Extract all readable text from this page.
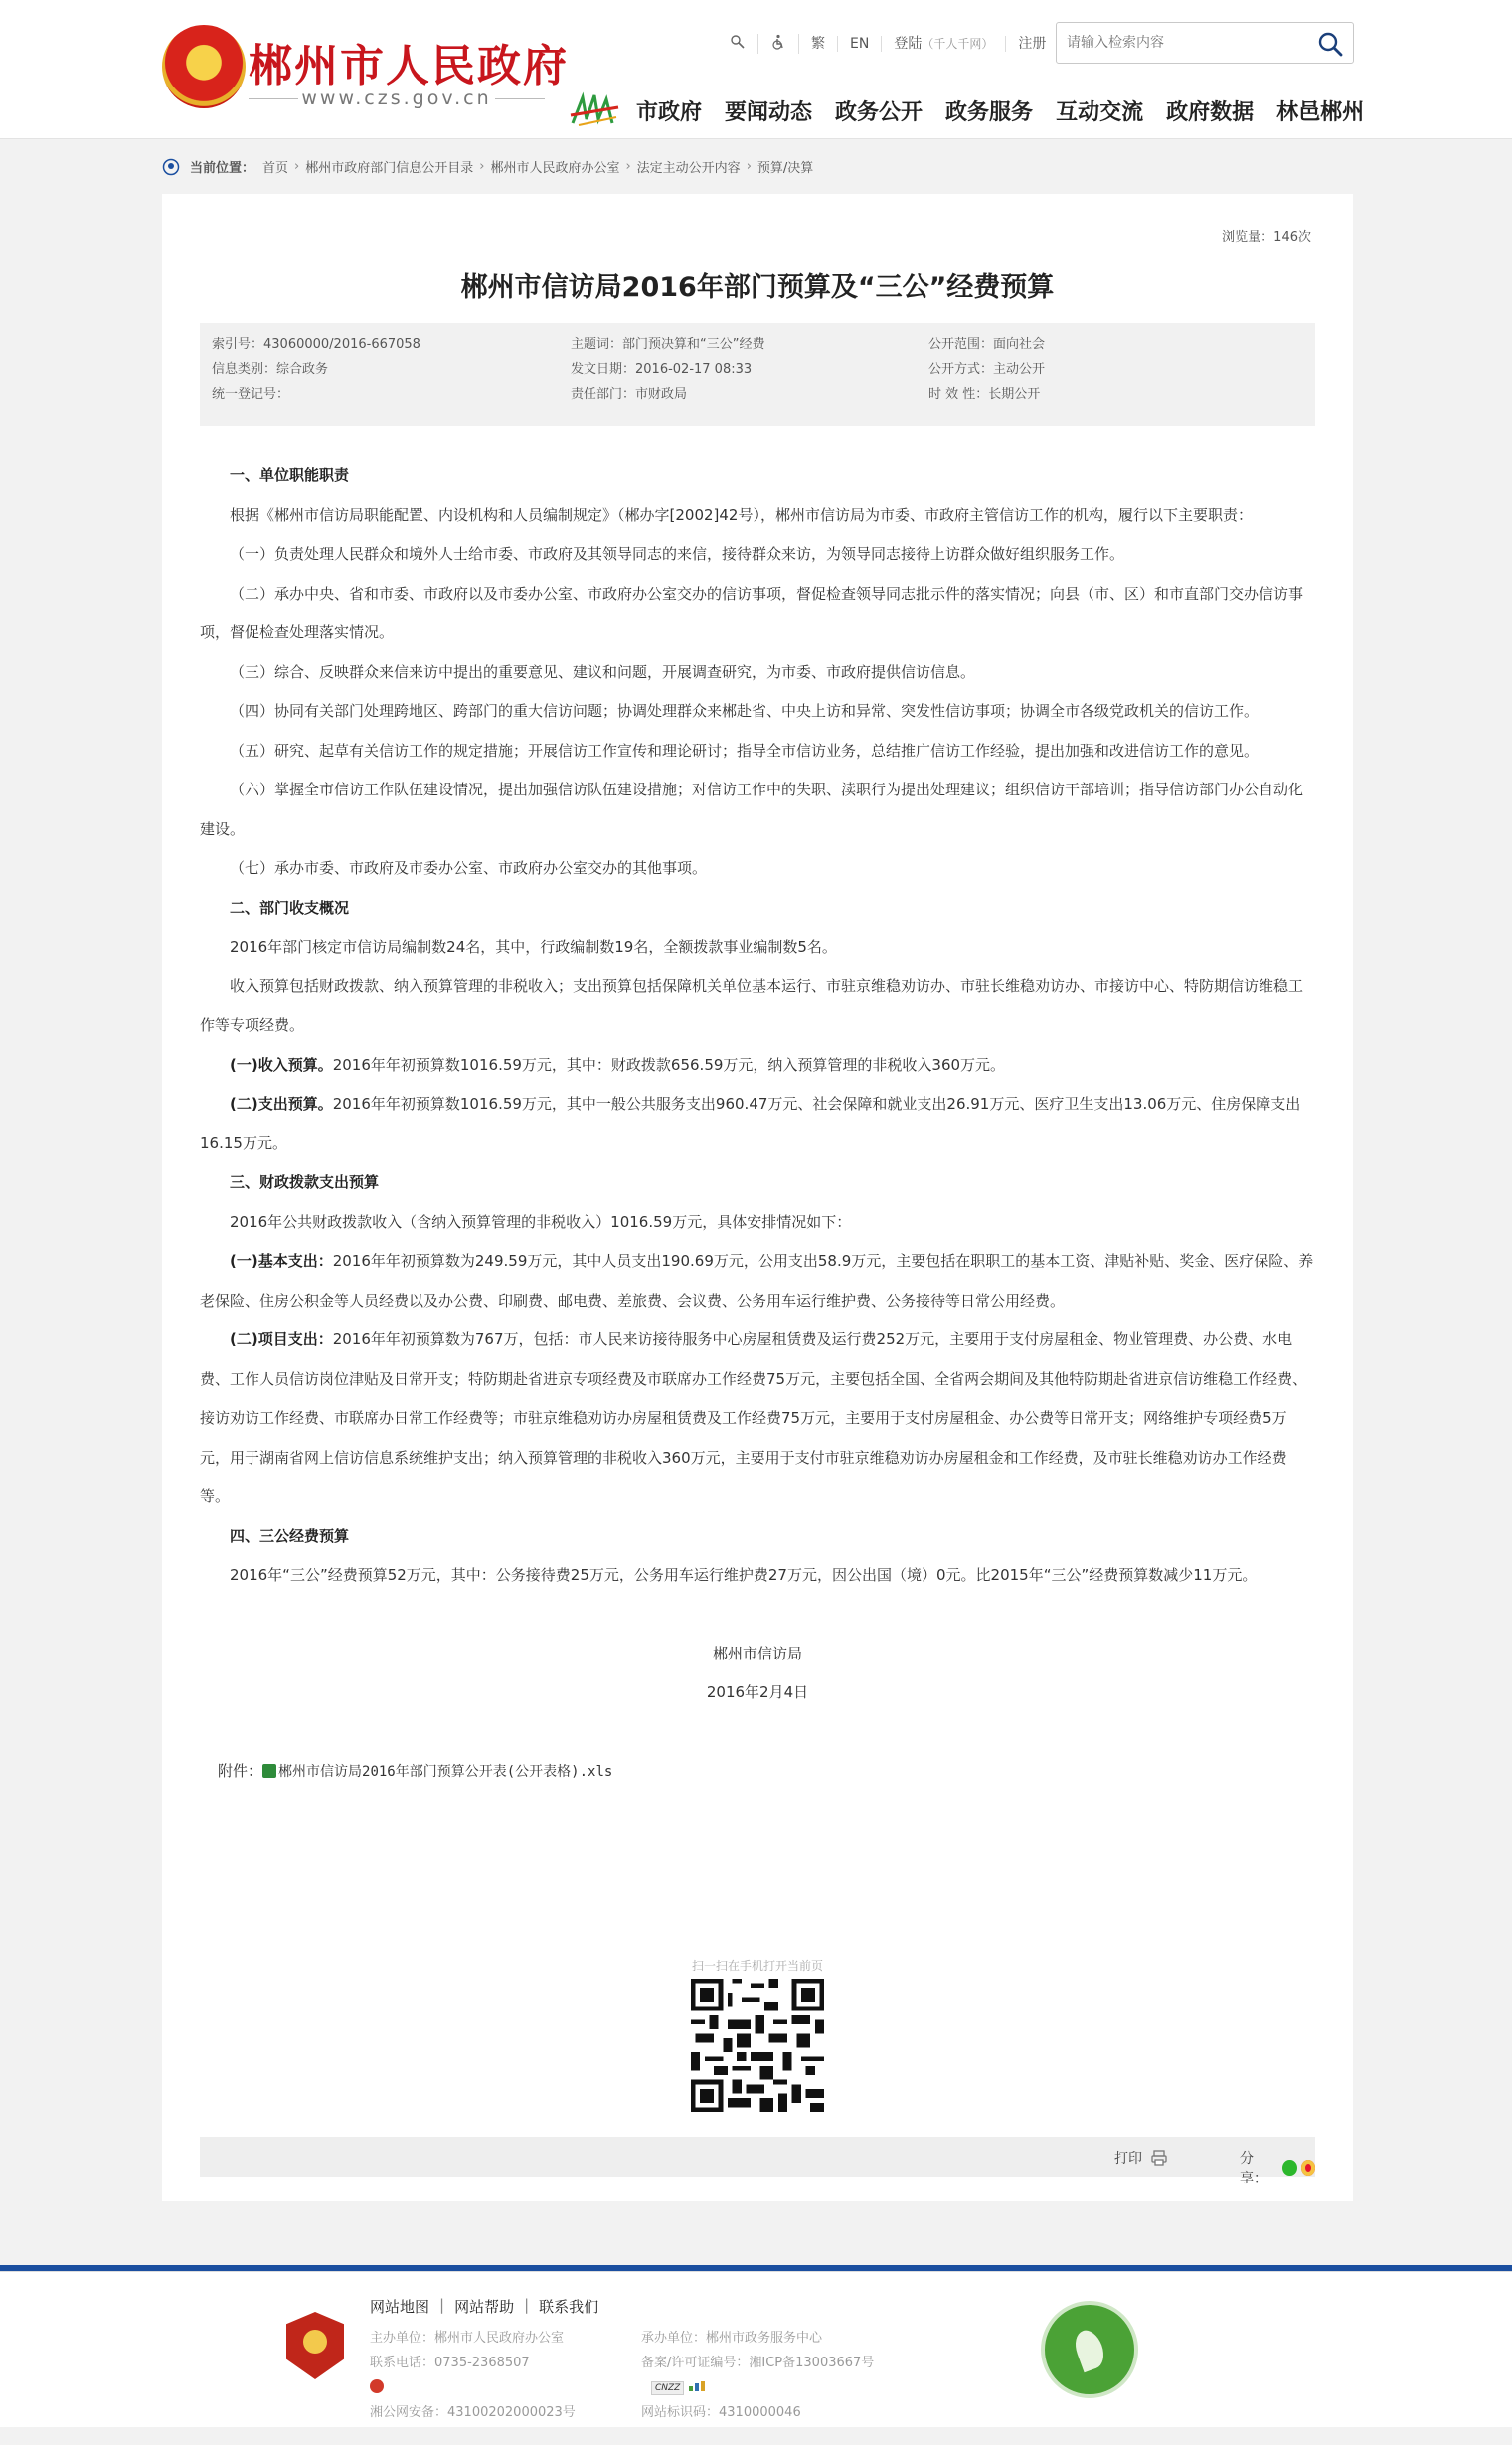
郴州市人民政府
www.czs.gov.cn
繁	EN	登陆（千人千网）	注册
请输入检索内容
市政府 要闻动态 政务公开 政务服务 互动交流 政府数据 林邑郴州
当前位置： 首页 › 郴州市政府部门信息公开目录 › 郴州市人民政府办公室 › 法定主动公开内容 › 预算/决算
浏览量：146次
郴州市信访局2016年部门预算及“三公”经费预算
索引号：43060000/2016-667058
信息类别：综合政务
统一登记号：
主题词：部门预决算和“三公”经费
发文日期：2016-02-17 08:33
责任部门：市财政局
公开范围：面向社会
公开方式：主动公开
时 效 性：长期公开

一、单位职能职责

根据《郴州市信访局职能配置、内设机构和人员编制规定》（郴办字[2002]42号），郴州市信访局为市委、市政府主管信访工作的机构，履行以下主要职责：

（一）负责处理人民群众和境外人士给市委、市政府及其领导同志的来信，接待群众来访，为领导同志接待上访群众做好组织服务工作。

（二）承办中央、省和市委、市政府以及市委办公室、市政府办公室交办的信访事项，督促检查领导同志批示件的落实情况；向县（市、区）和市直部门交办信访事项，督促检查处理落实情况。

（三）综合、反映群众来信来访中提出的重要意见、建议和问题，开展调查研究，为市委、市政府提供信访信息。

（四）协同有关部门处理跨地区、跨部门的重大信访问题；协调处理群众来郴赴省、中央上访和异常、突发性信访事项；协调全市各级党政机关的信访工作。

（五）研究、起草有关信访工作的规定措施；开展信访工作宣传和理论研讨；指导全市信访业务，总结推广信访工作经验，提出加强和改进信访工作的意见。

（六）掌握全市信访工作队伍建设情况，提出加强信访队伍建设措施；对信访工作中的失职、渎职行为提出处理建议；组织信访干部培训；指导信访部门办公自动化建设。

（七）承办市委、市政府及市委办公室、市政府办公室交办的其他事项。

二、部门收支概况

2016年部门核定市信访局编制数24名，其中，行政编制数19名，全额拨款事业编制数5名。

收入预算包括财政拨款、纳入预算管理的非税收入；支出预算包括保障机关单位基本运行、市驻京维稳劝访办、市驻长维稳劝访办、市接访中心、特防期信访维稳工作等专项经费。

(一)收入预算。2016年年初预算数1016.59万元，其中：财政拨款656.59万元，纳入预算管理的非税收入360万元。

(二)支出预算。2016年年初预算数1016.59万元，其中一般公共服务支出960.47万元、社会保障和就业支出26.91万元、医疗卫生支出13.06万元、住房保障支出16.15万元。

三、财政拨款支出预算

2016年公共财政拨款收入（含纳入预算管理的非税收入）1016.59万元，具体安排情况如下：

(一)基本支出：2016年年初预算数为249.59万元，其中人员支出190.69万元，公用支出58.9万元，主要包括在职职工的基本工资、津贴补贴、奖金、医疗保险、养老保险、住房公积金等人员经费以及办公费、印刷费、邮电费、差旅费、会议费、公务用车运行维护费、公务接待等日常公用经费。

(二)项目支出：2016年年初预算数为767万，包括：市人民来访接待服务中心房屋租赁费及运行费252万元，主要用于支付房屋租金、物业管理费、办公费、水电费、工作人员信访岗位津贴及日常开支；特防期赴省进京专项经费及市联席办工作经费75万元，主要包括全国、全省两会期间及其他特防期赴省进京信访维稳工作经费、接访劝访工作经费、市联席办日常工作经费等；市驻京维稳劝访办房屋租赁费及工作经费75万元，主要用于支付房屋租金、办公费等日常开支；网络维护专项经费5万元，用于湖南省网上信访信息系统维护支出；纳入预算管理的非税收入360万元，主要用于支付市驻京维稳劝访办房屋租金和工作经费，及市驻长维稳劝访办工作经费等。

四、三公经费预算

2016年“三公”经费预算52万元，其中：公务接待费25万元，公务用车运行维护费27万元，因公出国（境）0元。比2015年“三公”经费预算数减少11万元。

郴州市信访局

2016年2月4日

附件： 郴州市信访局2016年部门预算公开表(公开表格).xls

扫一扫在手机打开当前页
打印	分享：
网站地图 | 网站帮助 | 联系我们
主办单位：郴州市人民政府办公室
联系电话：0735-2368507
湘公网安备：43100202000023号
承办单位：郴州市政务服务中心
备案/许可证编号：湘ICP备13003667号
CNZZ
网站标识码：4310000046
